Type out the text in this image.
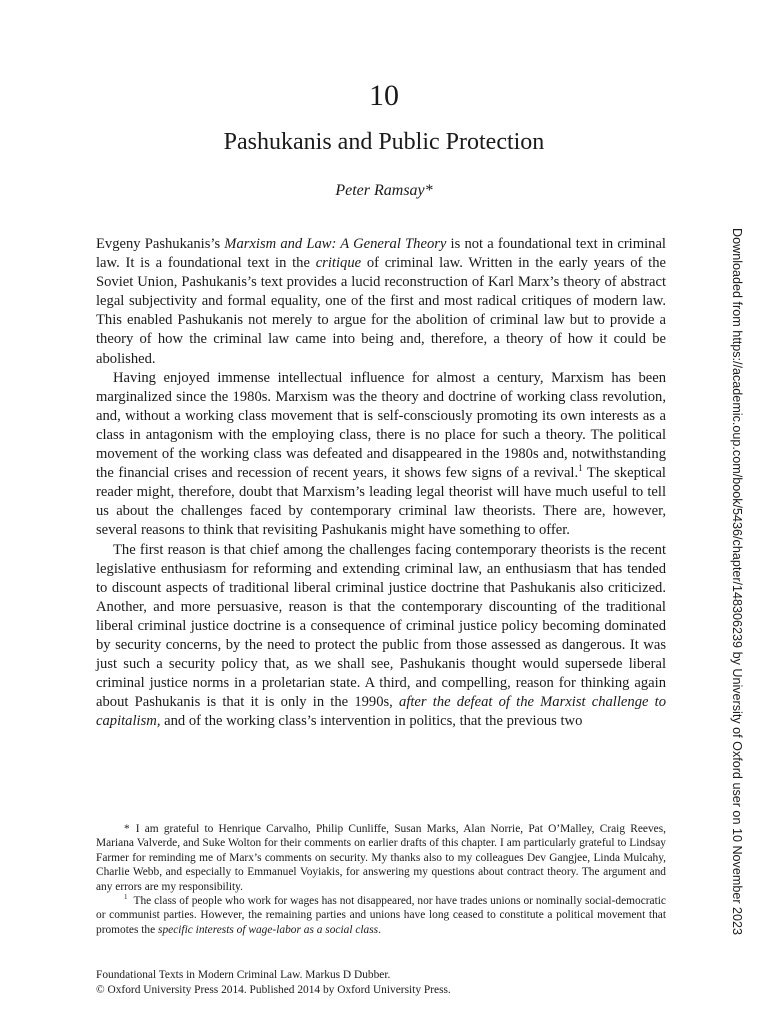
10
Pashukanis and Public Protection
Peter Ramsay*

Evgeny Pashukanis’s Marxism and Law: A General Theory is not a foundational text in criminal law. It is a foundational text in the critique of criminal law. Written in the early years of the Soviet Union, Pashukanis’s text provides a lucid reconstruction of Karl Marx’s theory of abstract legal subjectivity and formal equality, one of the first and most radical critiques of modern law. This enabled Pashukanis not merely to argue for the abolition of criminal law but to provide a theory of how the criminal law came into being and, therefore, a theory of how it could be abolished.

Having enjoyed immense intellectual influence for almost a century, Marxism has been marginalized since the 1980s. Marxism was the theory and doctrine of working class revolution, and, without a working class movement that is self-consciously promoting its own interests as a class in antagonism with the employing class, there is no place for such a theory. The political movement of the working class was defeated and disappeared in the 1980s and, notwithstanding the financial crises and recession of recent years, it shows few signs of a revival.$^1$ The skeptical reader might, therefore, doubt that Marxism’s leading legal theorist will have much useful to tell us about the challenges faced by contemporary criminal law theorists. There are, however, several reasons to think that revisiting Pashukanis might have something to offer.

The first reason is that chief among the challenges facing contemporary theorists is the recent legislative enthusiasm for reforming and extending criminal law, an enthusiasm that has tended to discount aspects of traditional liberal criminal justice doctrine that Pashukanis also criticized. Another, and more persuasive, reason is that the contemporary discounting of the traditional liberal criminal justice doctrine is a consequence of criminal justice policy becoming dominated by security concerns, by the need to protect the public from those assessed as dangerous. It was just such a security policy that, as we shall see, Pashukanis thought would supersede liberal criminal justice norms in a proletarian state. A third, and compelling, reason for thinking again about Pashukanis is that it is only in the 1990s, after the defeat of the Marxist challenge to capitalism, and of the working class’s intervention in politics, that the previous two

* I am grateful to Henrique Carvalho, Philip Cunliffe, Susan Marks, Alan Norrie, Pat O’Malley, Craig Reeves, Mariana Valverde, and Suke Wolton for their comments on earlier drafts of this chapter. I am particularly grateful to Lindsay Farmer for reminding me of Marx’s comments on security. My thanks also to my colleagues Dev Gangjee, Linda Mulcahy, Charlie Webb, and especially to Emmanuel Voyiakis, for answering my questions about contract theory. The argument and any errors are my responsibility.

$^1$ The class of people who work for wages has not disappeared, nor have trades unions or nominally social-democratic or communist parties. However, the remaining parties and unions have long ceased to constitute a political movement that promotes the specific interests of wage-labor as a social class.

Foundational Texts in Modern Criminal Law. Markus D Dubber.
© Oxford University Press 2014. Published 2014 by Oxford University Press.
Downloaded from https://academic.oup.com/book/5436/chapter/148306239 by University of Oxford user on 10 November 2023
